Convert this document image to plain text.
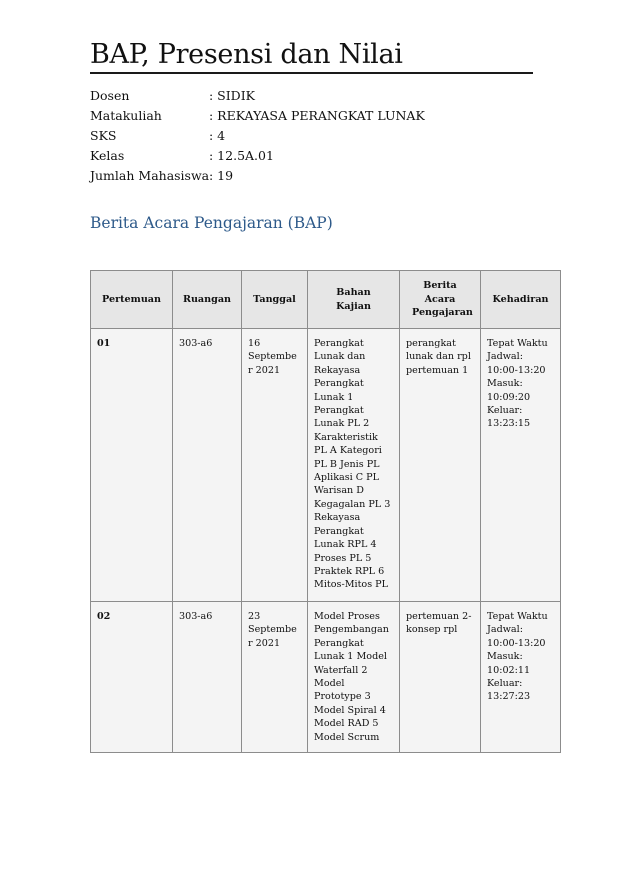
BAP, Presensi dan Nilai
Dosen	: SIDIK
Matakuliah	: REKAYASA PERANGKAT LUNAK
SKS	: 4
Kelas	: 12.5A.01
Jumlah Mahasiswa : 19
Berita Acara Pengajaran (BAP)
Pertemuan	Ruangan	Tanggal	Bahan Kajian	Berita Acara Pengajaran	Kehadiran

01	303-a6	16 September 2021	Perangkat Lunak dan Rekayasa Perangkat Lunak 1 Perangkat Lunak PL 2 Karakteristik PL A Kategori PL B Jenis PL Aplikasi C PL Warisan D Kegagalan PL 3 Rekayasa Perangkat Lunak RPL 4 Proses PL 5 Praktek RPL 6 Mitos-Mitos PL	perangkat lunak dan rpl pertemuan 1	Tepat Waktu Jadwal: 10:00-13:20 Masuk: 10:09:20 Keluar: 13:23:15

02	303-a6	23 September 2021	Model Proses Pengembangan Perangkat Lunak 1 Model Waterfall 2 Model Prototype 3 Model Spiral 4 Model RAD 5 Model Scrum	pertemuan 2-konsep rpl	Tepat Waktu Jadwal: 10:00-13:20 Masuk: 10:02:11 Keluar: 13:27:23
